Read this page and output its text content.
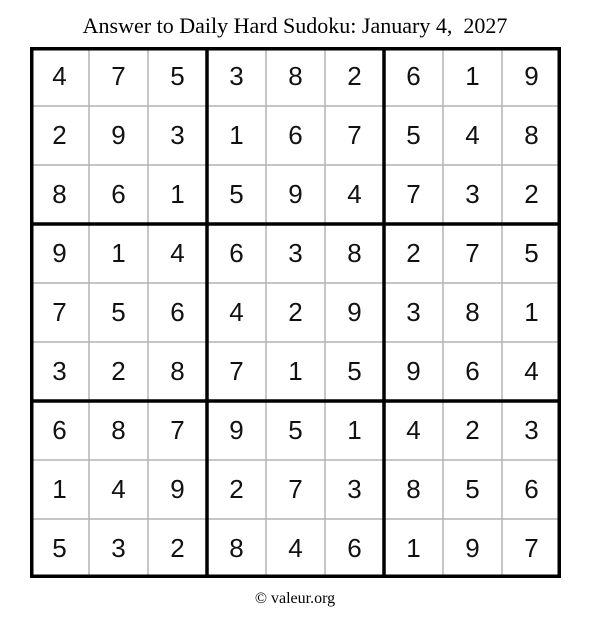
Answer to Daily Hard Sudoku: January 4,  2027
4	7	5	3	8	2	6	1	9
2	9	3	1	6	7	5	4	8
8	6	1	5	9	4	7	3	2
9	1	4	6	3	8	2	7	5
7	5	6	4	2	9	3	8	1
3	2	8	7	1	5	9	6	4
6	8	7	9	5	1	4	2	3
1	4	9	2	7	3	8	5	6
5	3	2	8	4	6	1	9	7
© valeur.org
